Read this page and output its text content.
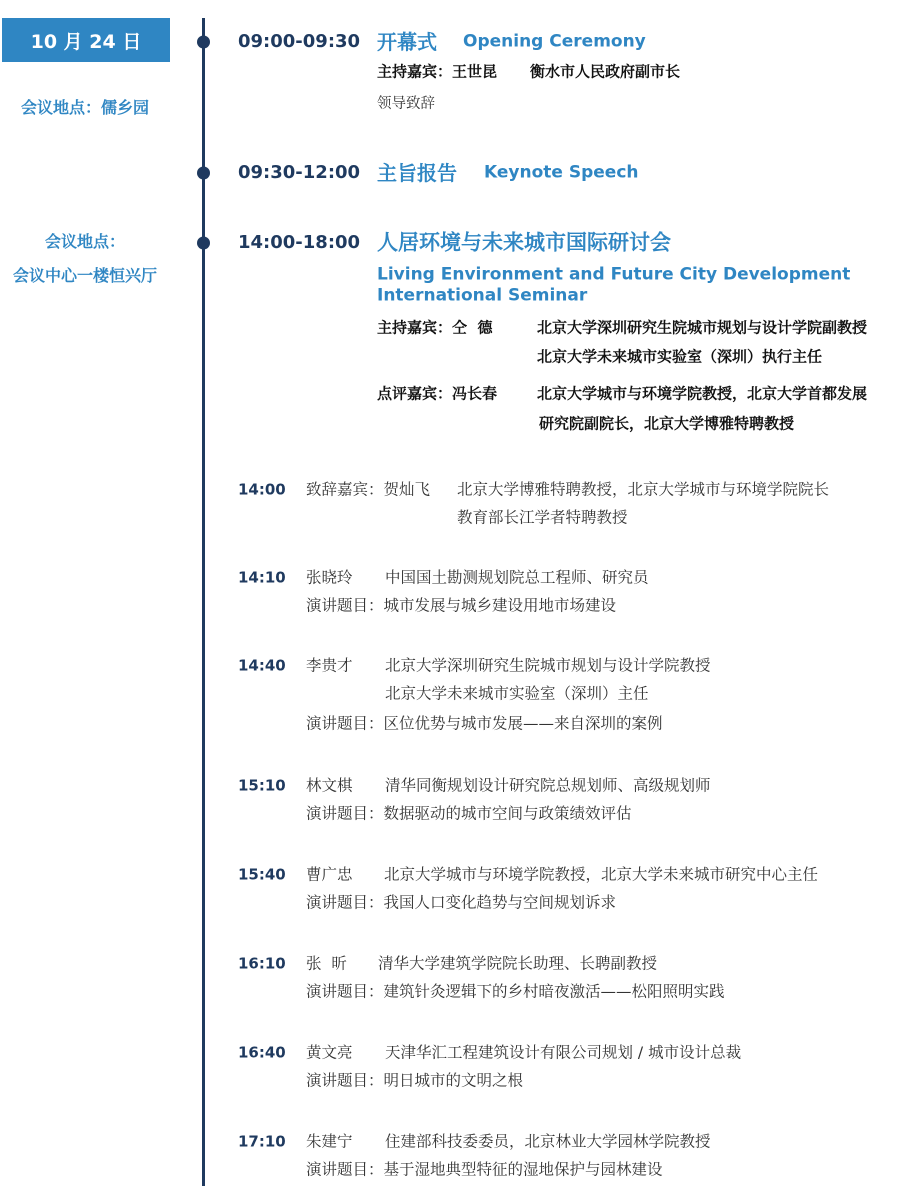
10 月 24 日
会议地点：儒乡园
会议地点：
会议中心一楼恒兴厅
09:00-09:30 开幕式 Opening Ceremony
主持嘉宾：王世昆 衡水市人民政府副市长
领导致辞
09:30-12:00 主旨报告 Keynote Speech
14:00-18:00 人居环境与未来城市国际研讨会
Living Environment and Future City Development
International Seminar
主持嘉宾：仝  德	北京大学深圳研究生院城市规划与设计学院副教授
北京大学未来城市实验室（深圳）执行主任
点评嘉宾：冯长春	北京大学城市与环境学院教授，北京大学首都发展
研究院副院长，北京大学博雅特聘教授
14:00 致辞嘉宾：贺灿飞 北京大学博雅特聘教授，北京大学城市与环境学院院长
教育部长江学者特聘教授
14:10 张晓玲 中国国土勘测规划院总工程师、研究员
演讲题目：城市发展与城乡建设用地市场建设
14:40 李贵才 北京大学深圳研究生院城市规划与设计学院教授
北京大学未来城市实验室（深圳）主任
演讲题目：区位优势与城市发展——来自深圳的案例
15:10 林文棋 清华同衡规划设计研究院总规划师、高级规划师
演讲题目：数据驱动的城市空间与政策绩效评估
15:40 曹广忠 北京大学城市与环境学院教授，北京大学未来城市研究中心主任
演讲题目：我国人口变化趋势与空间规划诉求
16:10 张  昕 清华大学建筑学院院长助理、长聘副教授
演讲题目：建筑针灸逻辑下的乡村暗夜激活——松阳照明实践
16:40 黄文亮 天津华汇工程建筑设计有限公司规划 / 城市设计总裁
演讲题目：明日城市的文明之根
17:10 朱建宁 住建部科技委委员，北京林业大学园林学院教授
演讲题目：基于湿地典型特征的湿地保护与园林建设
